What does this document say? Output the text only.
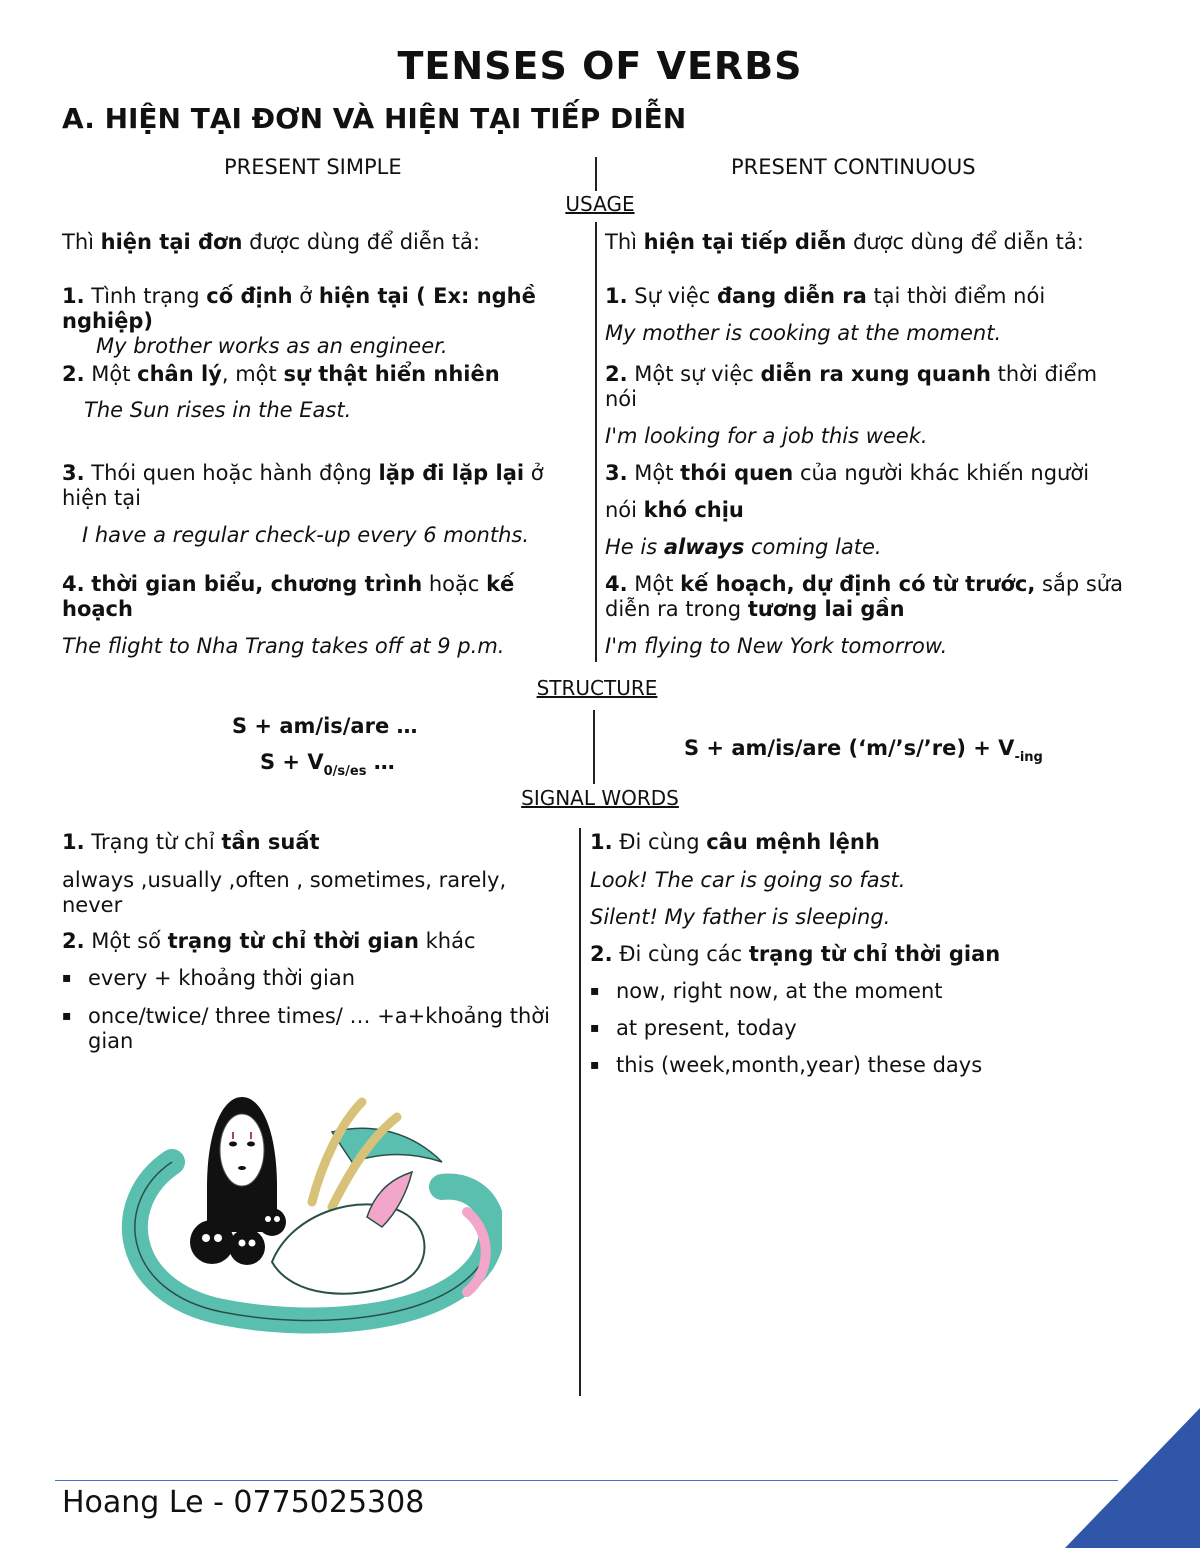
TENSES OF VERBS
A. HIỆN TẠI ĐƠN VÀ HIỆN TẠI TIẾP DIỄN
PRESENT SIMPLE	PRESENT CONTINUOUS
USAGE
Thì hiện tại đơn được dùng để diễn tả:
1. Tình trạng cố định ở hiện tại ( Ex: nghề nghiệp)
My brother works as an engineer.
2. Một chân lý, một sự thật hiển nhiên
The Sun rises in the East.
3. Thói quen hoặc hành động lặp đi lặp lại ở hiện tại
I have a regular check-up every 6 months.
4. thời gian biểu, chương trình hoặc kế hoạch
The flight to Nha Trang takes off at 9 p.m.
Thì hiện tại tiếp diễn được dùng để diễn tả:
1. Sự việc đang diễn ra tại thời điểm nói
My mother is cooking at the moment.
2. Một sự việc diễn ra xung quanh thời điểm nói
I'm looking for a job this week.
3. Một thói quen của người khác khiến người
nói khó chịu
He is always coming late.
4. Một kế hoạch, dự định có từ trước, sắp sửa diễn ra trong tương lai gần
I'm flying to New York tomorrow.
STRUCTURE
S + am/is/are …
$S + V_{0/s/es}$ …
S + am/is/are (‘m/’s/’re) + $V_{-ing}$
SIGNAL WORDS
1. Trạng từ chỉ tần suất
always ,usually ,often , sometimes, rarely, never
2. Một số trạng từ chỉ thời gian khác
▪ every + khoảng thời gian
▪ once/twice/ three times/ … +a+khoảng thời gian
1. Đi cùng câu mệnh lệnh
Look! The car is going so fast.
Silent! My father is sleeping.
2. Đi cùng các trạng từ chỉ thời gian
▪ now, right now, at the moment
▪ at present, today
▪ this (week,month,year) these days
Hoang Le - 0775025308
